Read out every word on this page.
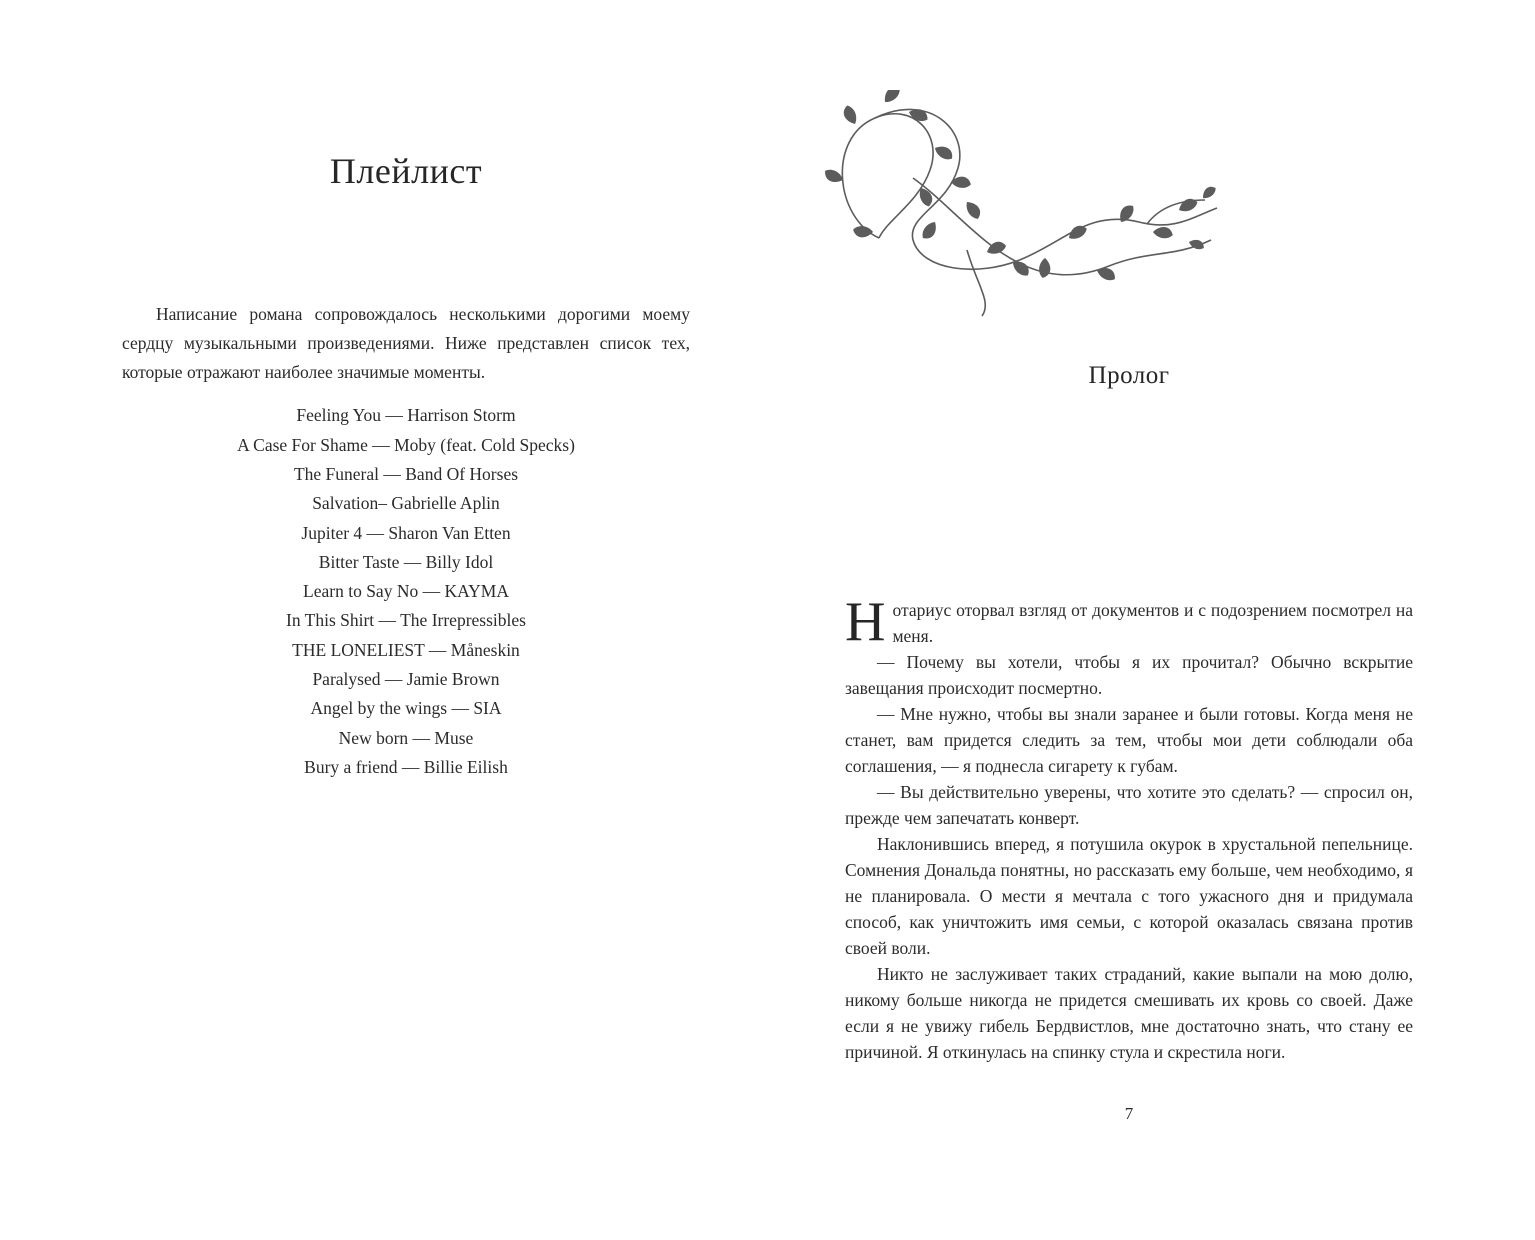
Плейлист

Написание романа сопровождалось несколькими дорогими моему сердцу музыкальными произведениями. Ниже представлен список тех, которые отражают наиболее значимые моменты.

Feeling You — Harrison Storm
A Case For Shame — Moby (feat. Cold Specks)
The Funeral — Band Of Horses
Salvation– Gabrielle Aplin
Jupiter 4 — Sharon Van Etten
Bitter Taste — Billy Idol
Learn to Say No — KAYMA
In This Shirt — The Irrepressibles
THE LONELIEST — Måneskin
Paralysed — Jamie Brown
Angel by the wings — SIA
New born — Muse
Bury a friend — Billie Eilish
Пролог

Нотариус оторвал взгляд от документов и с подозрением посмотрел на меня.

— Почему вы хотели, чтобы я их прочитал? Обычно вскрытие завещания происходит посмертно.

— Мне нужно, чтобы вы знали заранее и были готовы. Когда меня не станет, вам придется следить за тем, чтобы мои дети соблюдали оба соглашения, — я поднесла сигарету к губам.

— Вы действительно уверены, что хотите это сделать? — спросил он, прежде чем запечатать конверт.

Наклонившись вперед, я потушила окурок в хрустальной пепельнице. Сомнения Дональда понятны, но рассказать ему больше, чем необходимо, я не планировала. О мести я мечтала с того ужасного дня и придумала способ, как уничтожить имя семьи, с которой оказалась связана против своей воли.

Никто не заслуживает таких страданий, какие выпали на мою долю, никому больше никогда не придется смешивать их кровь со своей. Даже если я не увижу гибель Бердвистлов, мне достаточно знать, что стану ее причиной. Я откинулась на спинку стула и скрестила ноги.

7
